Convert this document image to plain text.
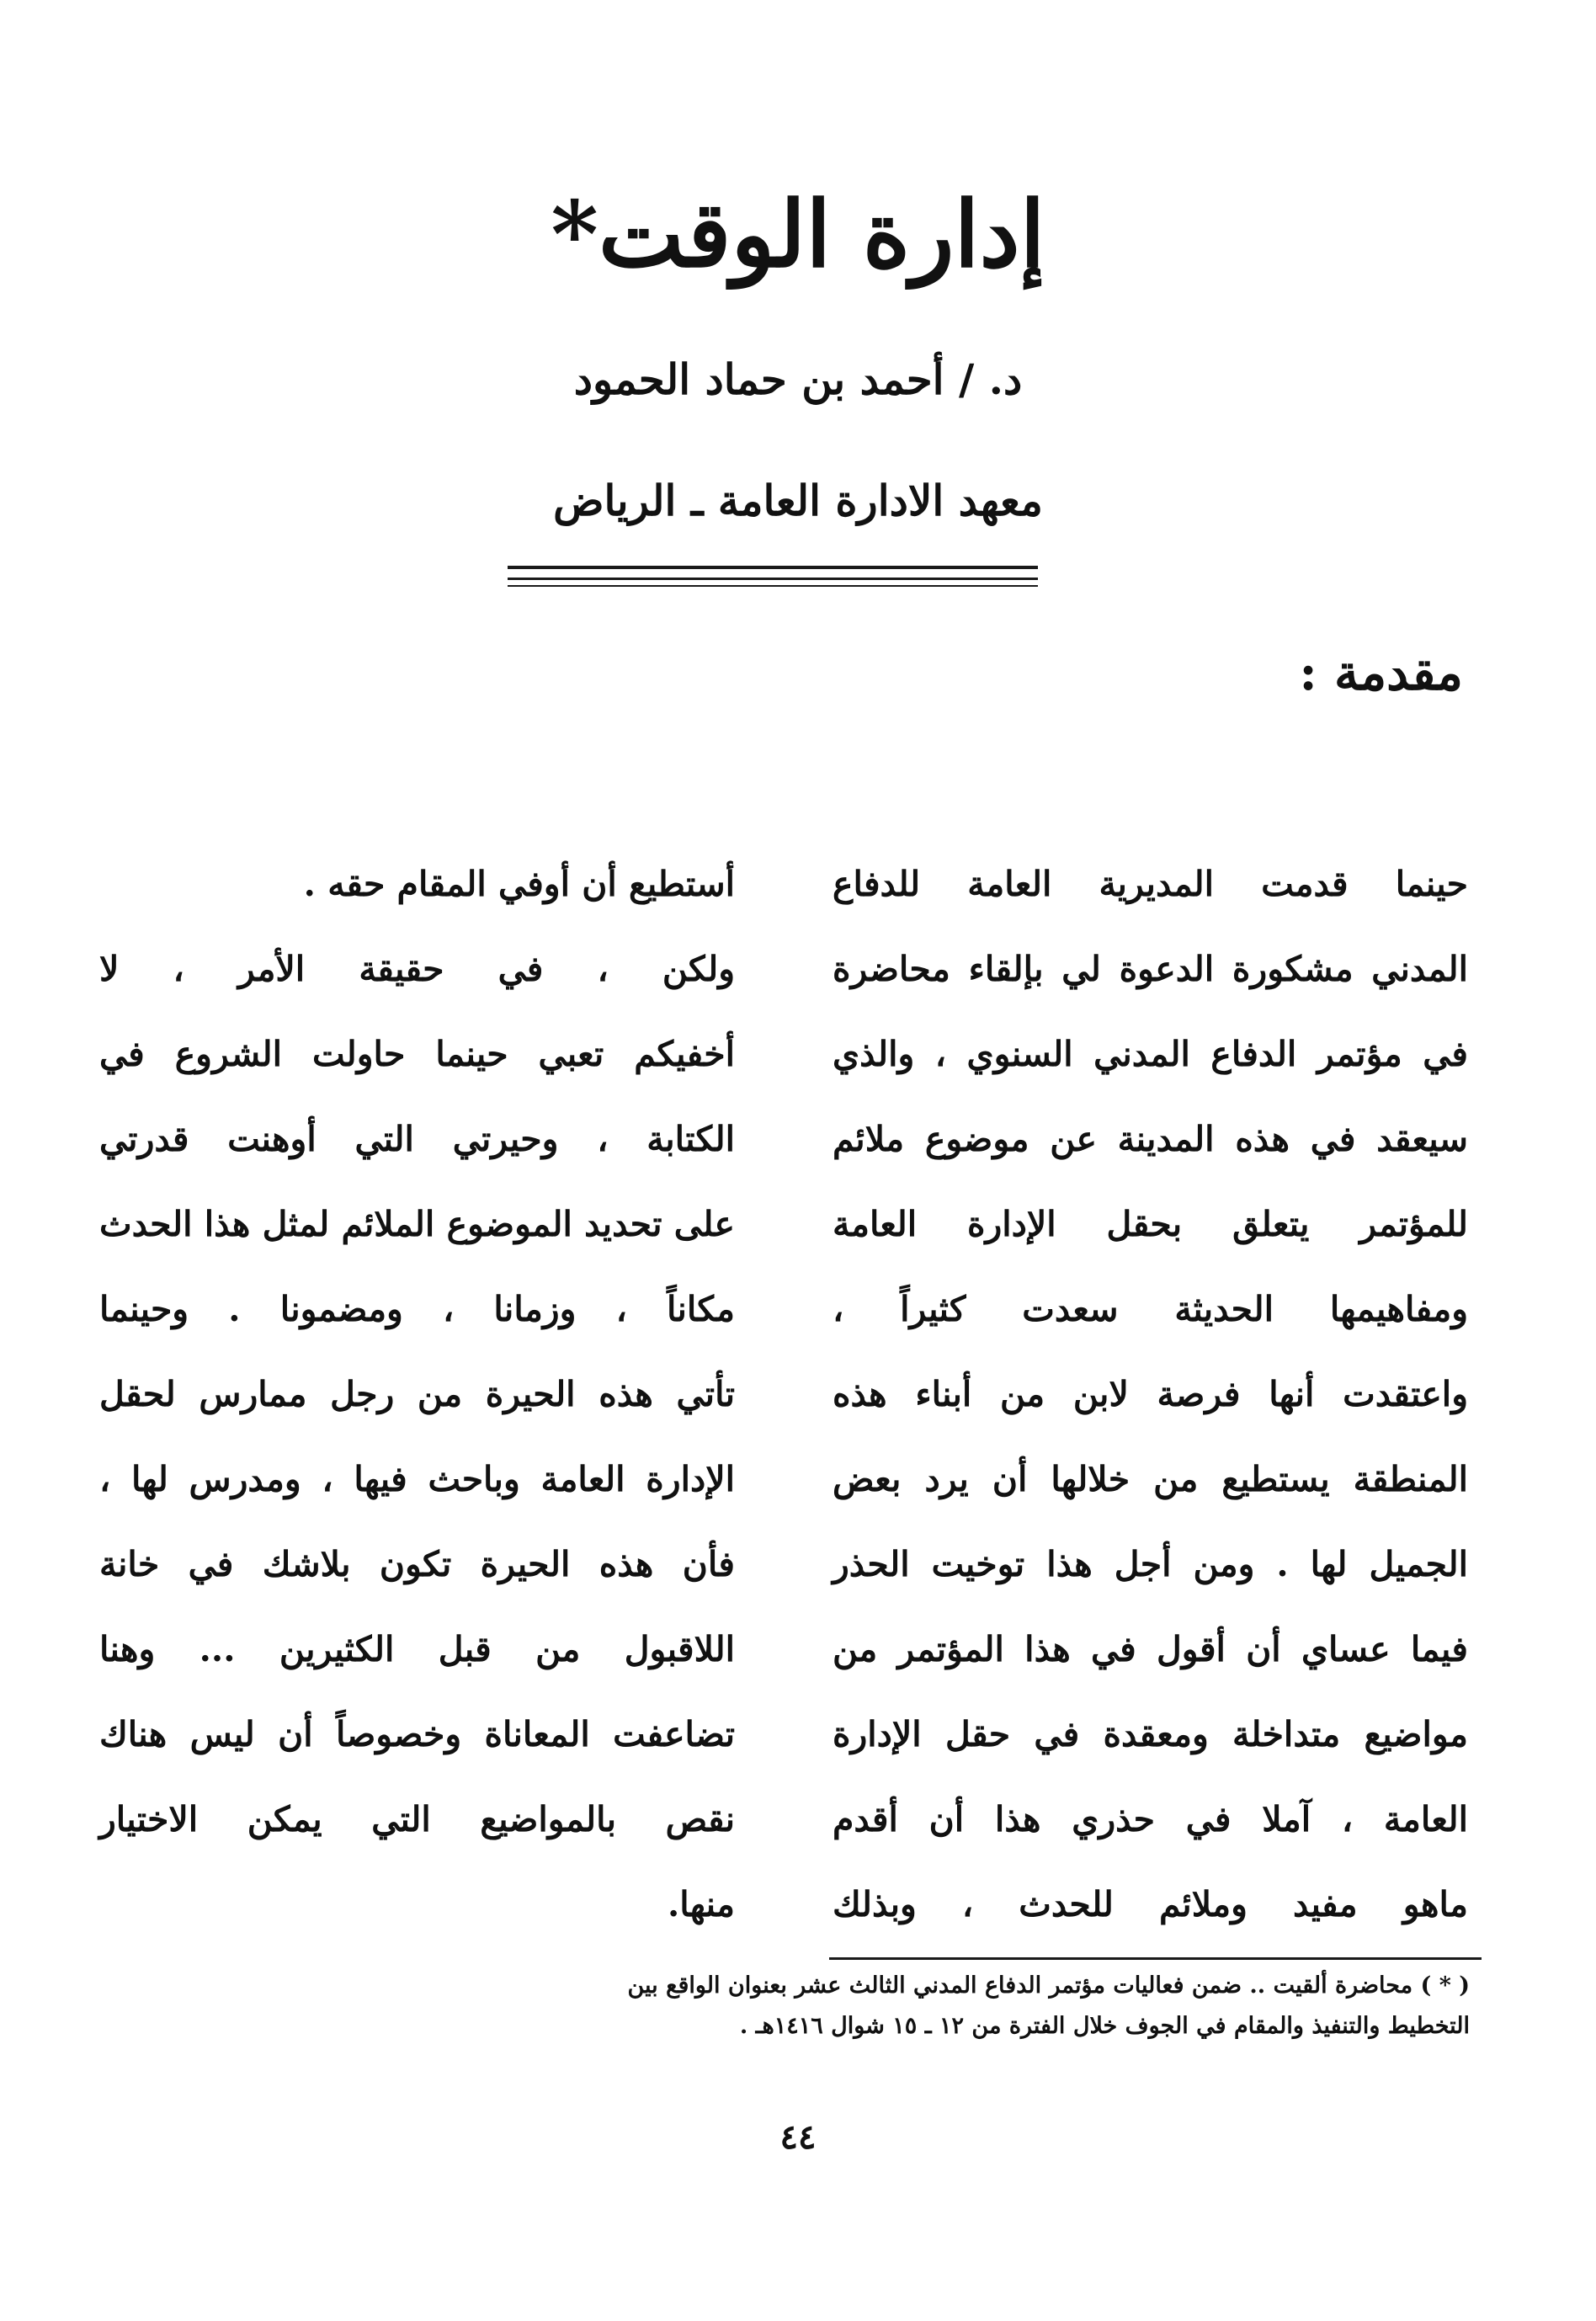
إدارة الوقت*
د. / أحمد بن حماد الحمود
معهد الادارة العامة ـ الرياض
مقدمة :
حينما قدمت المديرية العامة للدفاع
المدني مشكورة الدعوة لي بإلقاء محاضرة
في مؤتمر الدفاع المدني السنوي ، والذي
سيعقد في هذه المدينة عن موضوع ملائم
للمؤتمر يتعلق بحقل الإدارة العامة
ومفاهيمها الحديثة سعدت كثيراً ،
واعتقدت أنها فرصة لابن من أبناء هذه
المنطقة يستطيع من خلالها أن يرد بعض
الجميل لها . ومن أجل هذا توخيت الحذر
فيما عساي أن أقول في هذا المؤتمر من
مواضيع متداخلة ومعقدة في حقل الإدارة
العامة ، آملا في حذري هذا أن أقدم
ماهو مفيد وملائم للحدث ، وبذلك
أستطيع أن أوفي المقام حقه .
ولكن ، في حقيقة الأمر ، لا
أخفيكم تعبي حينما حاولت الشروع في
الكتابة ، وحيرتي التي أوهنت قدرتي
على تحديد الموضوع الملائم لمثل هذا الحدث
مكاناً ، وزمانا ، ومضمونا . وحينما
تأتي هذه الحيرة من رجل ممارس لحقل
الإدارة العامة وباحث فيها ، ومدرس لها ،
فأن هذه الحيرة تكون بلاشك في خانة
اللاقبول من قبل الكثيرين ... وهنا
تضاعفت المعاناة وخصوصاً أن ليس هناك
نقص بالمواضيع التي يمكن الاختيار
منها.
( * ) محاضرة ألقيت .. ضمن فعاليات مؤتمر الدفاع المدني الثالث عشر بعنوان الواقع بين
التخطيط والتنفيذ والمقام في الجوف خلال الفترة من ١٢ ـ ١٥ شوال ١٤١٦هـ .
٤٤
